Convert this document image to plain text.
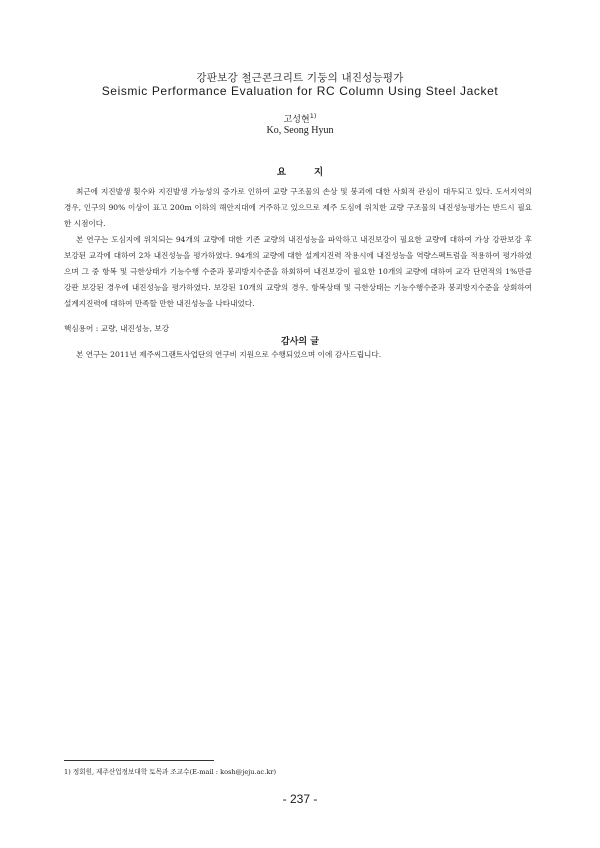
강판보강 철근콘크리트 기둥의 내진성능평가
Seismic Performance Evaluation for RC Column Using Steel Jacket
고성현$^{1)}$
Ko, Seong Hyun
요지

최근에 지진발생 횟수와 지진발생 가능성의 증가로 인하여 교량 구조물의 손상 및 붕괴에 대한 사회적 관심이 대두되고 있다. 도서지역의 경우, 인구의 90% 이상이 표고 200m 이하의 해안지대에 거주하고 있으므로 제주 도심에 위치한 교량 구조물의 내진성능평가는 반드시 필요한 시점이다.

본 연구는 도심지에 위치되는 94개의 교량에 대한 기존 교량의 내진성능을 파악하고 내진보강이 필요한 교량에 대하여 가상 강판보강 후 보강된 교각에 대하여 2차 내진성능을 평가하였다. 94개의 교량에 대한 설계지진력 작용시에 내진성능을 역량스펙트럼을 적용하여 평가하였으며 그 중 항복 및 극한상태가 기능수행 수준과 붕괴방지수준을 하회하여 내진보강이 필요한 10개의 교량에 대하여 교각 단면적의 1%만큼 강판 보강된 경우에 내진성능을 평가하였다. 보강된 10개의 교량의 경우, 항복상태 및 극한상태는 기능수행수준과 붕괴방지수준을 상회하여 설계지진력에 대하여 만족할 만한 내진성능을 나타내었다.

핵심용어 : 교량, 내진성능, 보강
감사의 글

본 연구는 2011년 제주씨그랜트사업단의 연구비 지원으로 수행되었으며 이에 감사드립니다.

1) 정회원, 제주산업정보대학 토목과 조교수(E-mail : kosh@jeju.ac.kr)
- 237 -
